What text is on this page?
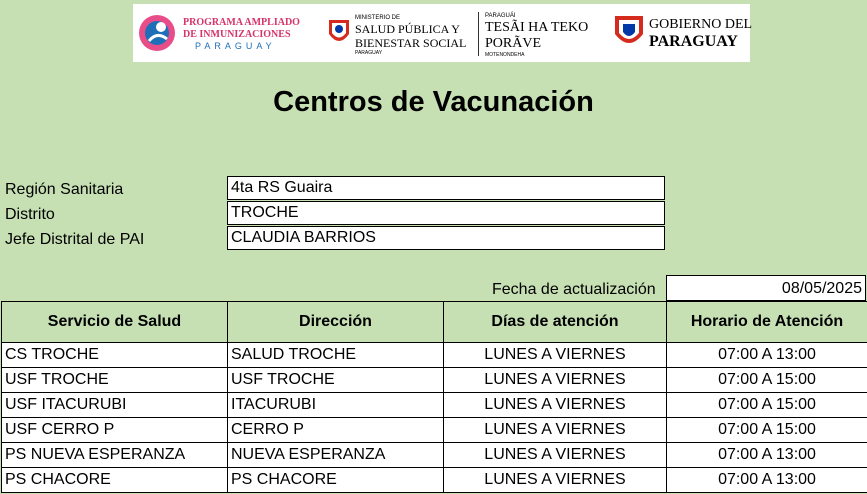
PROGRAMA AMPLIADO
DE INMUNIZACIONES
PARAGUAY
MINISTERIO DE
SALUD PÚBLICA Y
BIENESTAR SOCIAL
PARAGUAY
PARAGUÁI
TESÃI HA TEKO
PORÃVE
MOTENONDEHA
GOBIERNO DEL
PARAGUAY
Centros de Vacunación
Región Sanitaria	4ta RS Guaira
Distrito	TROCHE
Jefe Distrital de PAI	CLAUDIA BARRIOS
Fecha de actualización	08/05/2025
Servicio de Salud	Dirección	Días de atención	Horario de Atención
CS TROCHE	SALUD TROCHE	LUNES A VIERNES	07:00 A 13:00
USF TROCHE	USF TROCHE	LUNES A VIERNES	07:00 A 15:00
USF ITACURUBI	ITACURUBI	LUNES A VIERNES	07:00 A 15:00
USF CERRO P	CERRO P	LUNES A VIERNES	07:00 A 15:00
PS NUEVA ESPERANZA	NUEVA ESPERANZA	LUNES A VIERNES	07:00 A 13:00
PS CHACORE	PS CHACORE	LUNES A VIERNES	07:00 A 13:00
